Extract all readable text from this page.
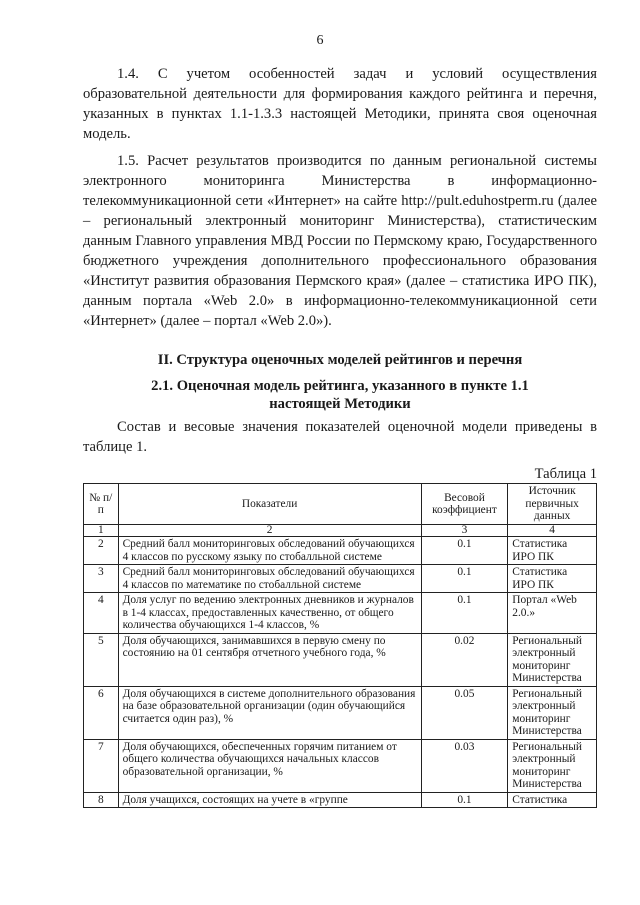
6

1.4. С учетом особенностей задач и условий осуществления образовательной деятельности для формирования каждого рейтинга и перечня, указанных в пунктах 1.1-1.3.3 настоящей Методики, принята своя оценочная модель.

1.5. Расчет результатов производится по данным региональной системы электронного мониторинга Министерства в информационно-телекоммуникационной сети «Интернет» на сайте http://pult.eduhostperm.ru (далее – региональный электронный мониторинг Министерства), статистическим данным Главного управления МВД России по Пермскому краю, Государственного бюджетного учреждения дополнительного профессионального образования «Институт развития образования Пермского края» (далее – статистика ИРО ПК), данным портала «Web 2.0» в информационно-телекоммуникационной сети «Интернет» (далее – портал «Web 2.0»).

II. Структура оценочных моделей рейтингов и перечня
2.1. Оценочная модель рейтинга, указанного в пункте 1.1
настоящей Методики

Состав и весовые значения показателей оценочной модели приведены в таблице 1.

Таблица 1
№ п/п	Показатели	Весовой коэффициент	Источник первичных данных
1	2	3	4
2	Средний балл мониторинговых обследований обучающихся 4 классов по русскому языку по стобалльной системе	0.1	Статистика ИРО ПК
3	Средний балл мониторинговых обследований обучающихся 4 классов по математике по стобалльной системе	0.1	Статистика ИРО ПК
4	Доля услуг по ведению электронных дневников и журналов в 1-4 классах, предоставленных качественно, от общего количества обучающихся 1-4 классов, %	0.1	Портал «Web 2.0.»
5	Доля обучающихся, занимавшихся в первую смену по состоянию на 01 сентября отчетного учебного года, %	0.02	Региональный электронный мониторинг Министерства
6	Доля обучающихся в системе дополнительного образования на базе образовательной организации (один обучающийся считается один раз), %	0.05	Региональный электронный мониторинг Министерства
7	Доля обучающихся, обеспеченных горячим питанием от общего количества обучающихся начальных классов образовательной организации, %	0.03	Региональный электронный мониторинг Министерства
8	Доля учащихся, состоящих на учете в «группе	0.1	Статистика
